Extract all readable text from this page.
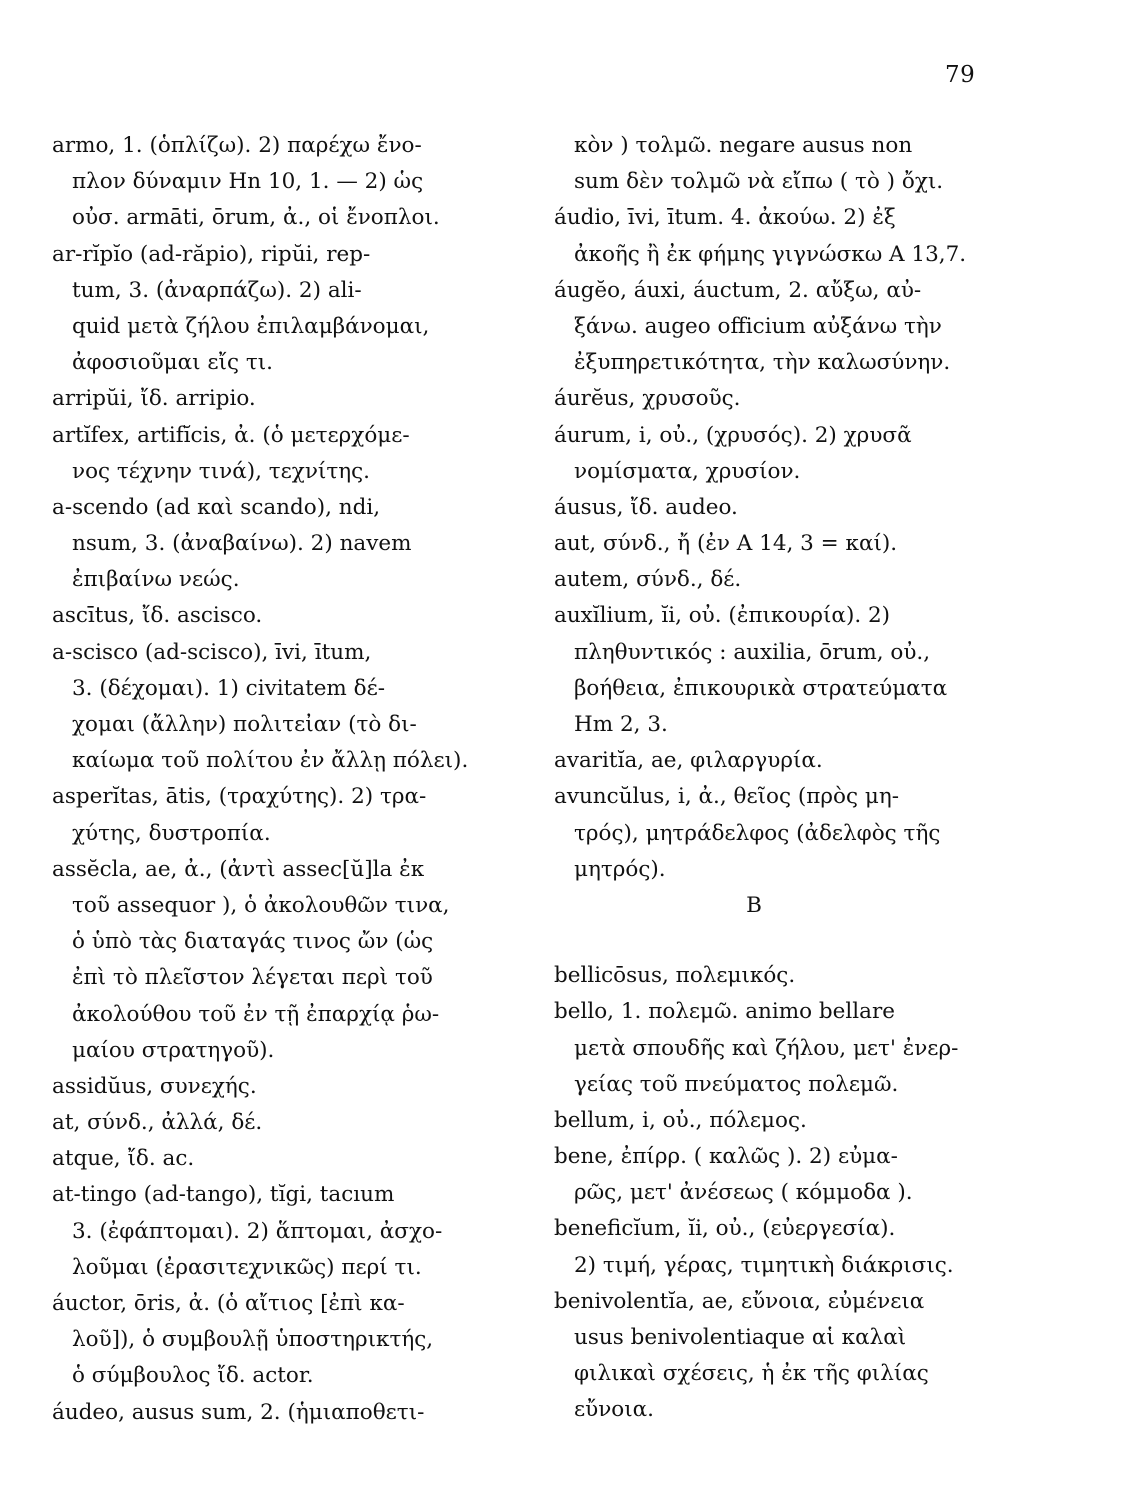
79
armo, 1. (ὁπλίζω). 2) παρέχω ἔνο-
πλον δύναμιν Hn 10, 1. — 2) ὡς
οὐσ. armāti, ōrum, ἀ., οἱ ἔνοπλοι.
ar-rĭpĭo (ad-răpio), ripŭi, rep-
tum, 3. (ἀναρπάζω). 2) ali-
quid μετὰ ζήλου ἐπιλαμβάνομαι,
ἀφοσιοῦμαι εἴς τι.
arripŭi, ἴδ. arripio.
artĭfex, artifĭcis, ἀ. (ὁ μετερχόμε-
νος τέχνην τινά), τεχνίτης.
a-scendo (ad καὶ scando), ndi,
nsum, 3. (ἀναβαίνω). 2) navem
ἐπιβαίνω νεώς.
ascītus, ἴδ. ascisco.
a-scisco (ad-scisco), īvi, ītum,
3. (δέχομαι). 1) civitatem δέ-
χομαι (ἄλλην) πολιτεἰαν (τὸ δι-
καίωμα τοῦ πολίτου ἐν ἄλλῃ πόλει).
asperĭtas, ātis, (τραχύτης). 2) τρα-
χύτης, δυστροπία.
assĕcla, ae, ἀ., (ἀντὶ assec[ŭ]la ἐκ
τοῦ assequor ), ὁ ἀκολουθῶν τινα,
ὁ ὑπὸ τὰς διαταγάς τινος ὤν (ὡς
ἐπὶ τὸ πλεῖστον λέγεται περὶ τοῦ
ἀκολούθου τοῦ ἐν τῇ ἐπαρχίᾳ ῥω-
μαίου στρατηγοῦ).
assidŭus, συνεχής.
at, σύνδ., ἀλλά, δέ.
atque, ἴδ. ac.
at-tingo (ad-tango), tĭgi, tacıum
3. (ἐφάπτομαι). 2) ἅπτομαι, ἀσχο-
λοῦμαι (ἐρασιτεχνικῶς) περί τι.
áuctor, ōris, ἀ. (ὁ αἴτιος [ἐπὶ κα-
λοῦ]), ὁ συμβουλῇ ὑποστηρικτής,
ὁ σύμβουλος ἴδ. actor.
áudeo, ausus sum, 2. (ἡμιαποθετι-
κὸν ) τολμῶ. negare ausus non
sum δὲν τολμῶ νὰ εἴπω ( τὸ ) ὄχι.
áudio, īvi, ītum. 4. ἀκούω. 2) ἐξ
ἀκοῆς ἢ ἐκ φήμης γιγνώσκω A 13,7.
áugĕo, áuxi, áuctum, 2. αὔξω, αὐ-
ξάνω. augeo officium αὐξάνω τὴν
ἐξυπηρετικότητα, τὴν καλωσύνην.
áurĕus, χρυσοῦς.
áurum, i, οὐ., (χρυσός). 2) χρυσᾶ
νομίσματα, χρυσίον.
áusus, ἴδ. audeo.
aut, σύνδ., ἤ (ἐν A 14, 3 = καί).
autem, σύνδ., δέ.
auxĭlium, ĭi, οὐ. (ἐπικουρία). 2)
πληθυντικός : auxilia, ōrum, οὐ.,
βοήθεια, ἐπικουρικὰ στρατεύματα
Hm 2, 3.
avaritĭa, ae, φιλαργυρία.
avuncŭlus, i, ἀ., θεῖος (πρὸς μη-
τρός), μητράδελφος (ἀδελφὸς τῆς
μητρός).
B
bellicōsus, πολεμικός.
bello, 1. πολεμῶ. animo bellare
μετὰ σπουδῆς καὶ ζήλου, μετ' ἐνερ-
γείας τοῦ πνεύματος πολεμῶ.
bellum, i, οὐ., πόλεμος.
bene, ἐπίρρ. ( καλῶς ). 2) εὐμα-
ρῶς, μετ' ἀνέσεως ( κόμμοδα ).
beneficĭum, ĭi, οὐ., (εὐεργεσία).
2) τιμή, γέρας, τιμητικὴ διάκρισις.
benivolentĭa, ae, εὔνοια, εὐμένεια
usus benivolentiaque αἱ καλαὶ
φιλικαὶ σχέσεις, ἡ ἐκ τῆς φιλίας
εὔνοια.
